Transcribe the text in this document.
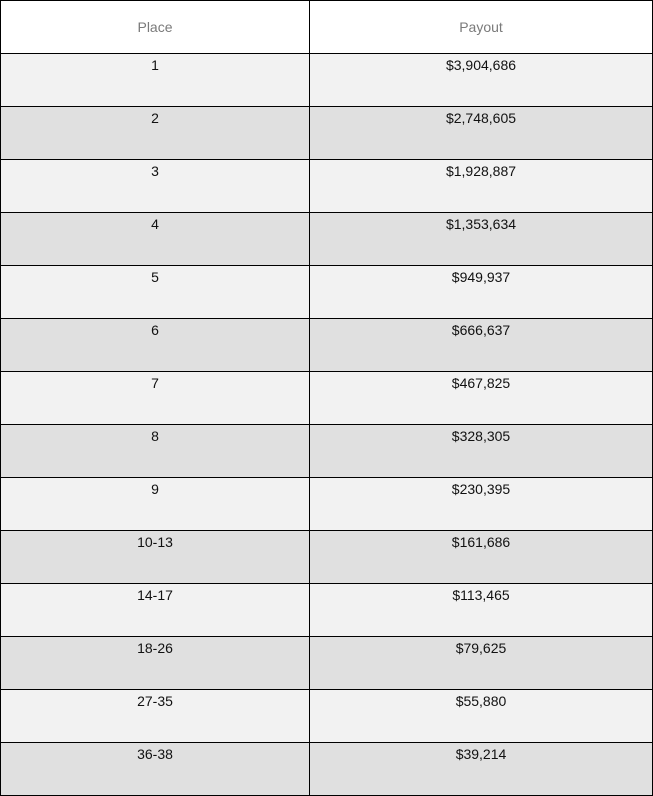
Place	Payout
1	$3,904,686
2	$2,748,605
3	$1,928,887
4	$1,353,634
5	$949,937
6	$666,637
7	$467,825
8	$328,305
9	$230,395
10-13	$161,686
14-17	$113,465
18-26	$79,625
27-35	$55,880
36-38	$39,214
